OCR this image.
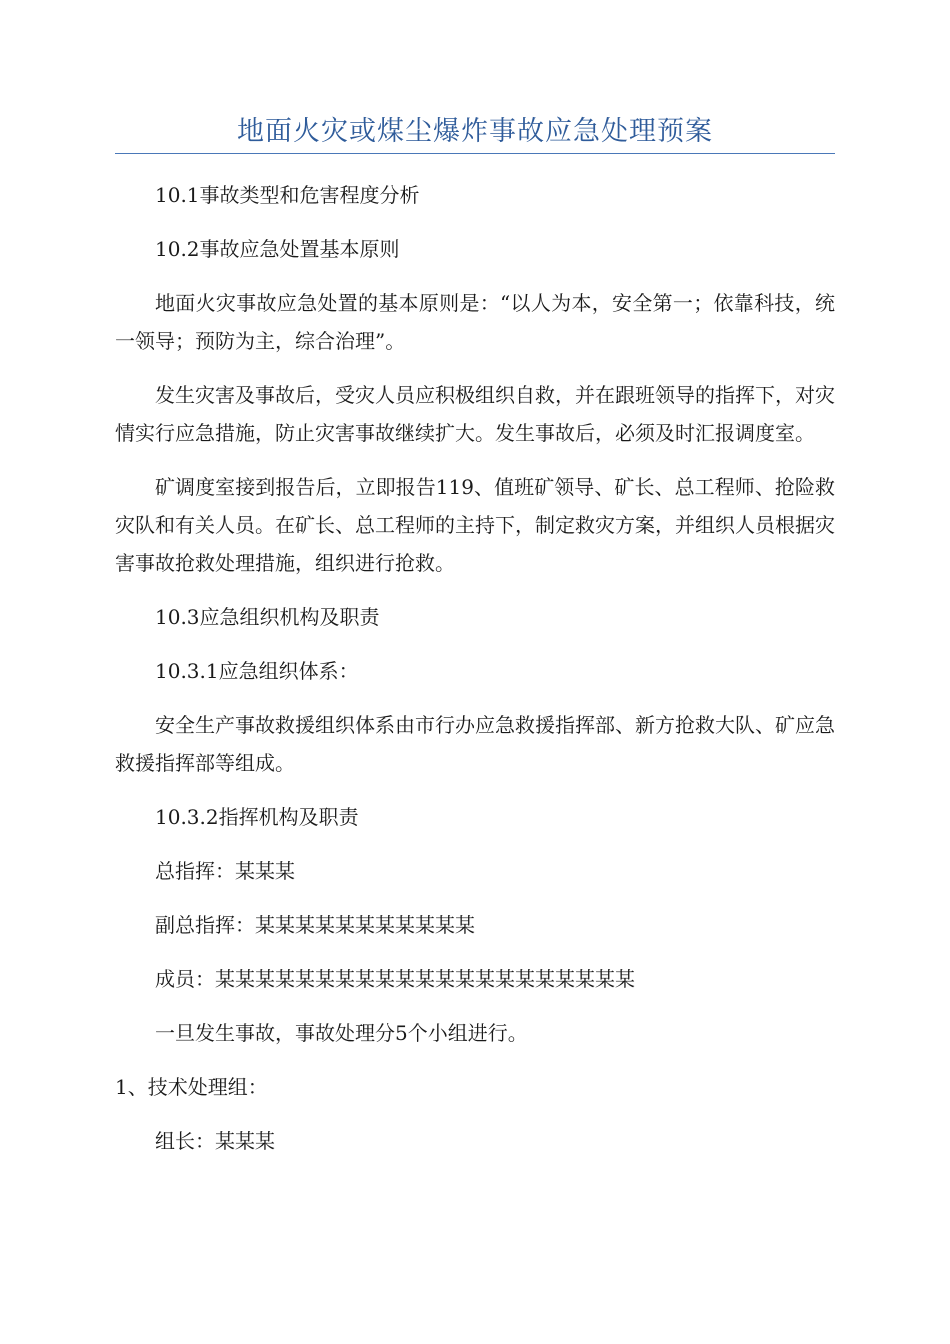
地面火灾或煤尘爆炸事故应急处理预案

10.1事故类型和危害程度分析

10.2事故应急处置基本原则

地面火灾事故应急处置的基本原则是：“以人为本，安全第一；依靠科技，统一领导；预防为主，综合治理”。

发生灾害及事故后，受灾人员应积极组织自救，并在跟班领导的指挥下，对灾情实行应急措施，防止灾害事故继续扩大。发生事故后，必须及时汇报调度室。

矿调度室接到报告后，立即报告119、值班矿领导、矿长、总工程师、抢险救灾队和有关人员。在矿长、总工程师的主持下，制定救灾方案，并组织人员根据灾害事故抢救处理措施，组织进行抢救。

10.3应急组织机构及职责

10.3.1应急组织体系：

安全生产事故救援组织体系由市行办应急救援指挥部、新方抢救大队、矿应急救援指挥部等组成。

10.3.2指挥机构及职责

总指挥：某某某

副总指挥：某某某某某某某某某某某

成员：某某某某某某某某某某某某某某某某某某某某某

一旦发生事故，事故处理分5个小组进行。

1、技术处理组：

组长：某某某
